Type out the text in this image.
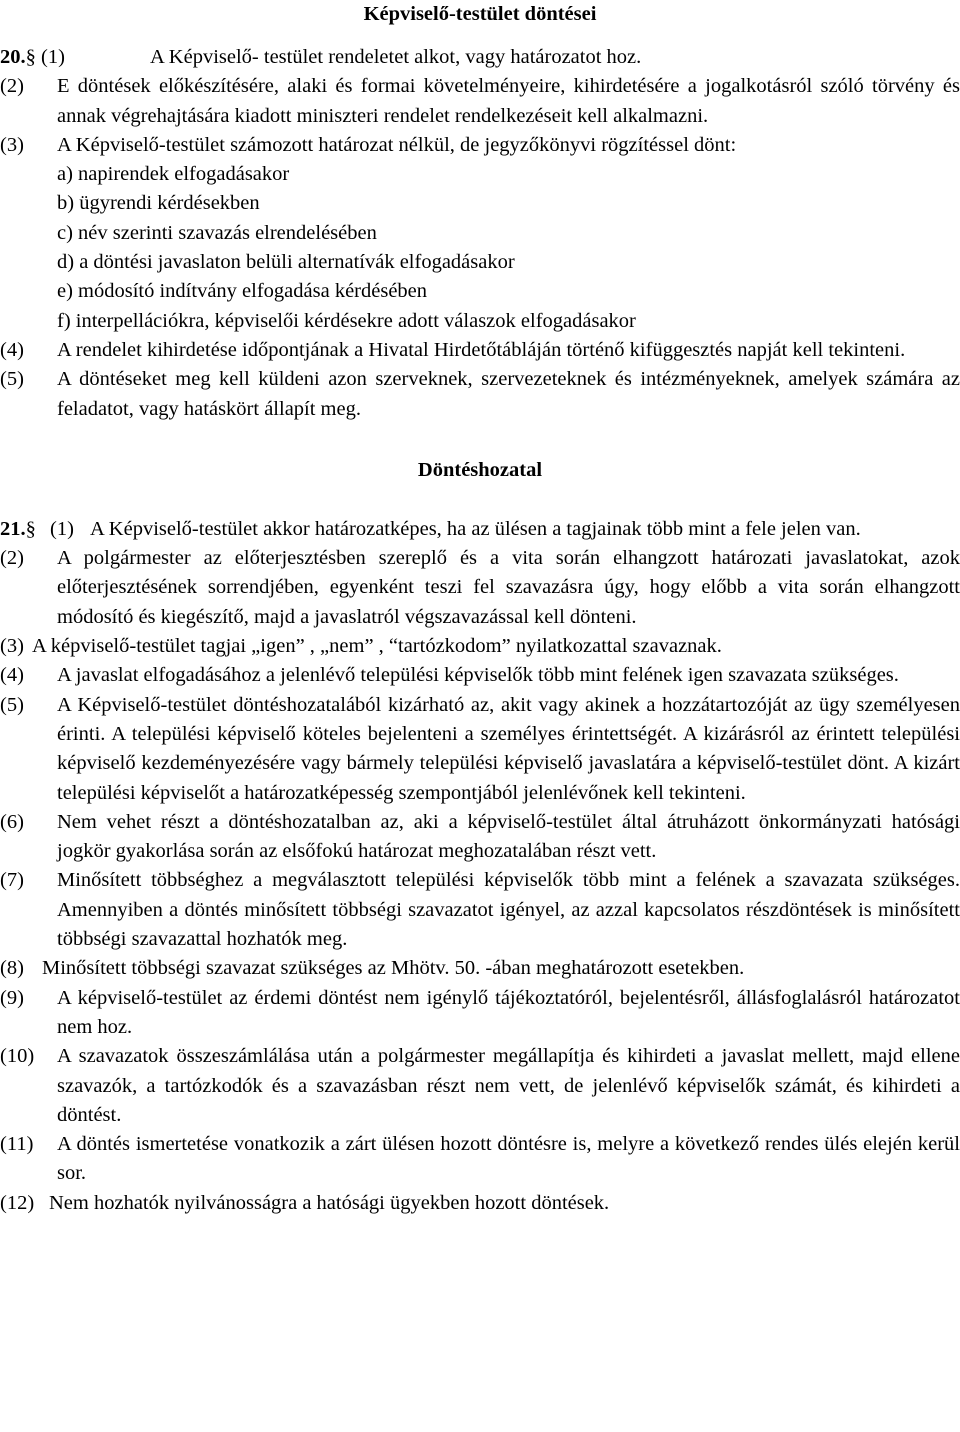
Képviselő-testület döntései
20.§ (1)	A Képviselő- testület rendeletet alkot, vagy határozatot hoz.
(2) E döntések előkészítésére, alaki és formai követelményeire, kihirdetésére a jogalkotásról szóló törvény és annak végrehajtására kiadott miniszteri rendelet rendelkezéseit kell alkalmazni.
(3) A Képviselő-testület számozott határozat nélkül, de jegyzőkönyvi rögzítéssel dönt:
a) napirendek elfogadásakor
b) ügyrendi kérdésekben
c) név szerinti szavazás elrendelésében
d) a döntési javaslaton belüli alternatívák elfogadásakor
e) módosító indítvány elfogadása kérdésében
f) interpellációkra, képviselői kérdésekre adott válaszok elfogadásakor
(4) A rendelet kihirdetése időpontjának a Hivatal Hirdetőtábláján történő kifüggesztés napját kell tekinteni.
(5) A döntéseket meg kell küldeni azon szerveknek, szervezeteknek és intézményeknek, amelyek számára az feladatot, vagy hatáskört állapít meg.
Döntéshozatal
21.§ (1) A Képviselő-testület akkor határozatképes, ha az ülésen a tagjainak több mint a fele jelen van.
(2) A polgármester az előterjesztésben szereplő és a vita során elhangzott határozati javaslatokat, azok előterjesztésének sorrendjében, egyenként teszi fel szavazásra úgy, hogy előbb a vita során elhangzott módosító és kiegészítő, majd a javaslatról végszavazással kell dönteni.
(3) A képviselő-testület tagjai „igen” , „nem” , “tartózkodom” nyilatkozattal szavaznak.
(4) A javaslat elfogadásához a jelenlévő települési képviselők több mint felének igen szavazata szükséges.
(5) A Képviselő-testület döntéshozatalából kizárható az, akit vagy akinek a hozzátartozóját az ügy személyesen érinti. A települési képviselő köteles bejelenteni a személyes érintettségét. A kizárásról az érintett települési képviselő kezdeményezésére vagy bármely települési képviselő javaslatára a képviselő-testület dönt. A kizárt települési képviselőt a határozatképesség szempontjából jelenlévőnek kell tekinteni.
(6) Nem vehet részt a döntéshozatalban az, aki a képviselő-testület által átruházott önkormányzati hatósági jogkör gyakorlása során az elsőfokú határozat meghozatalában részt vett.
(7) Minősített többséghez a megválasztott települési képviselők több mint a felének a szavazata szükséges. Amennyiben a döntés minősített többségi szavazatot igényel, az azzal kapcsolatos részdöntések is minősített többségi szavazattal hozhatók meg.
(8) Minősített többségi szavazat szükséges az Mhötv. 50. -ában meghatározott esetekben.
(9) A képviselő-testület az érdemi döntést nem igénylő tájékoztatóról, bejelentésről, állásfoglalásról határozatot nem hoz.
(10) A szavazatok összeszámlálása után a polgármester megállapítja és kihirdeti a javaslat mellett, majd ellene szavazók, a tartózkodók és a szavazásban részt nem vett, de jelenlévő képviselők számát, és kihirdeti a döntést.
(11) A döntés ismertetése vonatkozik a zárt ülésen hozott döntésre is, melyre a következő rendes ülés elején kerül sor.
(12) Nem hozhatók nyilvánosságra a hatósági ügyekben hozott döntések.
